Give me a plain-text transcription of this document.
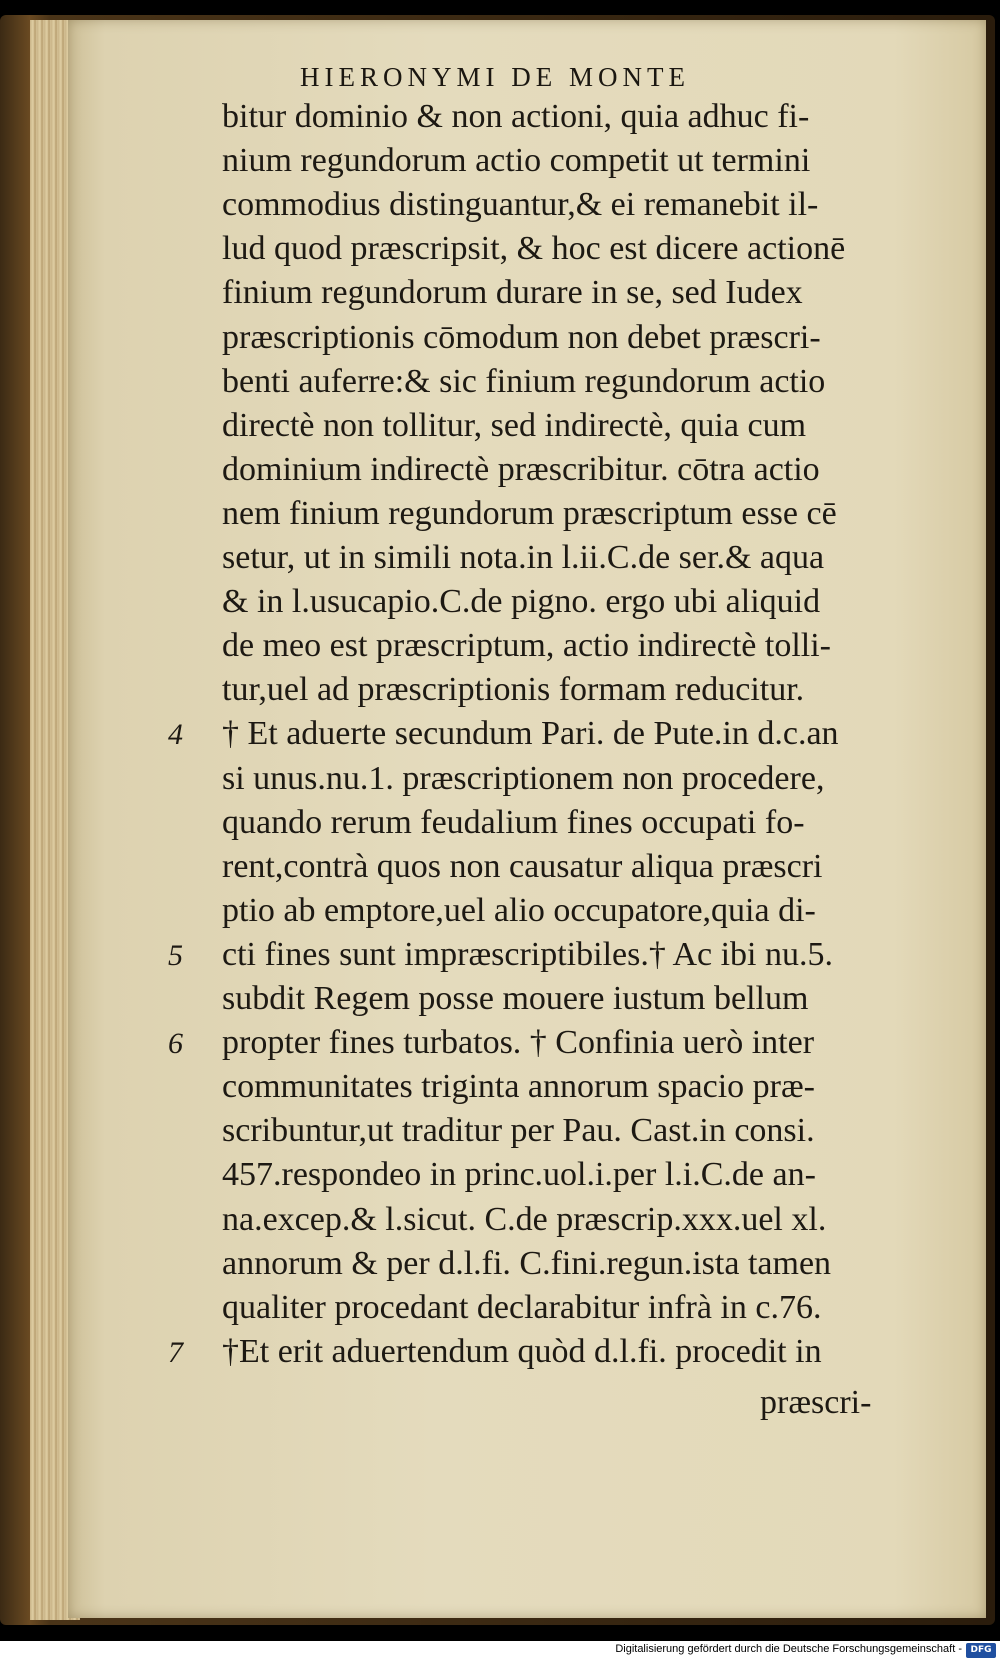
HIERONYMI DE MONTE
bitur dominio & non actioni, quia adhuc fi-
nium regundorum actio competit ut termini
commodius distinguantur,& ei remanebit il-
lud quod præscripsit, & hoc est dicere actionē
finium regundorum durare in se, sed Iudex
præscriptionis cōmodum non debet præscri-
benti auferre:& sic finium regundorum actio
directè non tollitur, sed indirectè, quia cum
dominium indirectè præscribitur. cōtra actio
nem finium regundorum præscriptum esse cē
setur, ut in simili nota.in l.ii.C.de ser.& aqua
& in l.usucapio.C.de pigno. ergo ubi aliquid
de meo est præscriptum, actio indirectè tolli-
tur,uel ad præscriptionis formam reducitur.
† Et aduerte secundum Pari. de Pute.in d.c.an
si unus.nu.1. præscriptionem non procedere,
quando rerum feudalium fines occupati fo-
rent,contrà quos non causatur aliqua præscri
ptio ab emptore,uel alio occupatore,quia di-
cti fines sunt impræscriptibiles.† Ac ibi nu.5.
subdit Regem posse mouere iustum bellum
propter fines turbatos. † Confinia uerò inter
communitates triginta annorum spacio præ-
scribuntur,ut traditur per Pau. Cast.in consi.
457.respondeo in princ.uol.i.per l.i.C.de an-
na.excep.& l.sicut. C.de præscrip.xxx.uel xl.
annorum & per d.l.fi. C.fini.regun.ista tamen
qualiter procedant declarabitur infrà in c.76.
†Et erit aduertendum quòd d.l.fi. procedit in
4
5
6
7
præscri-
Digitalisierung gefördert durch die Deutsche Forschungsgemeinschaft - DFG
